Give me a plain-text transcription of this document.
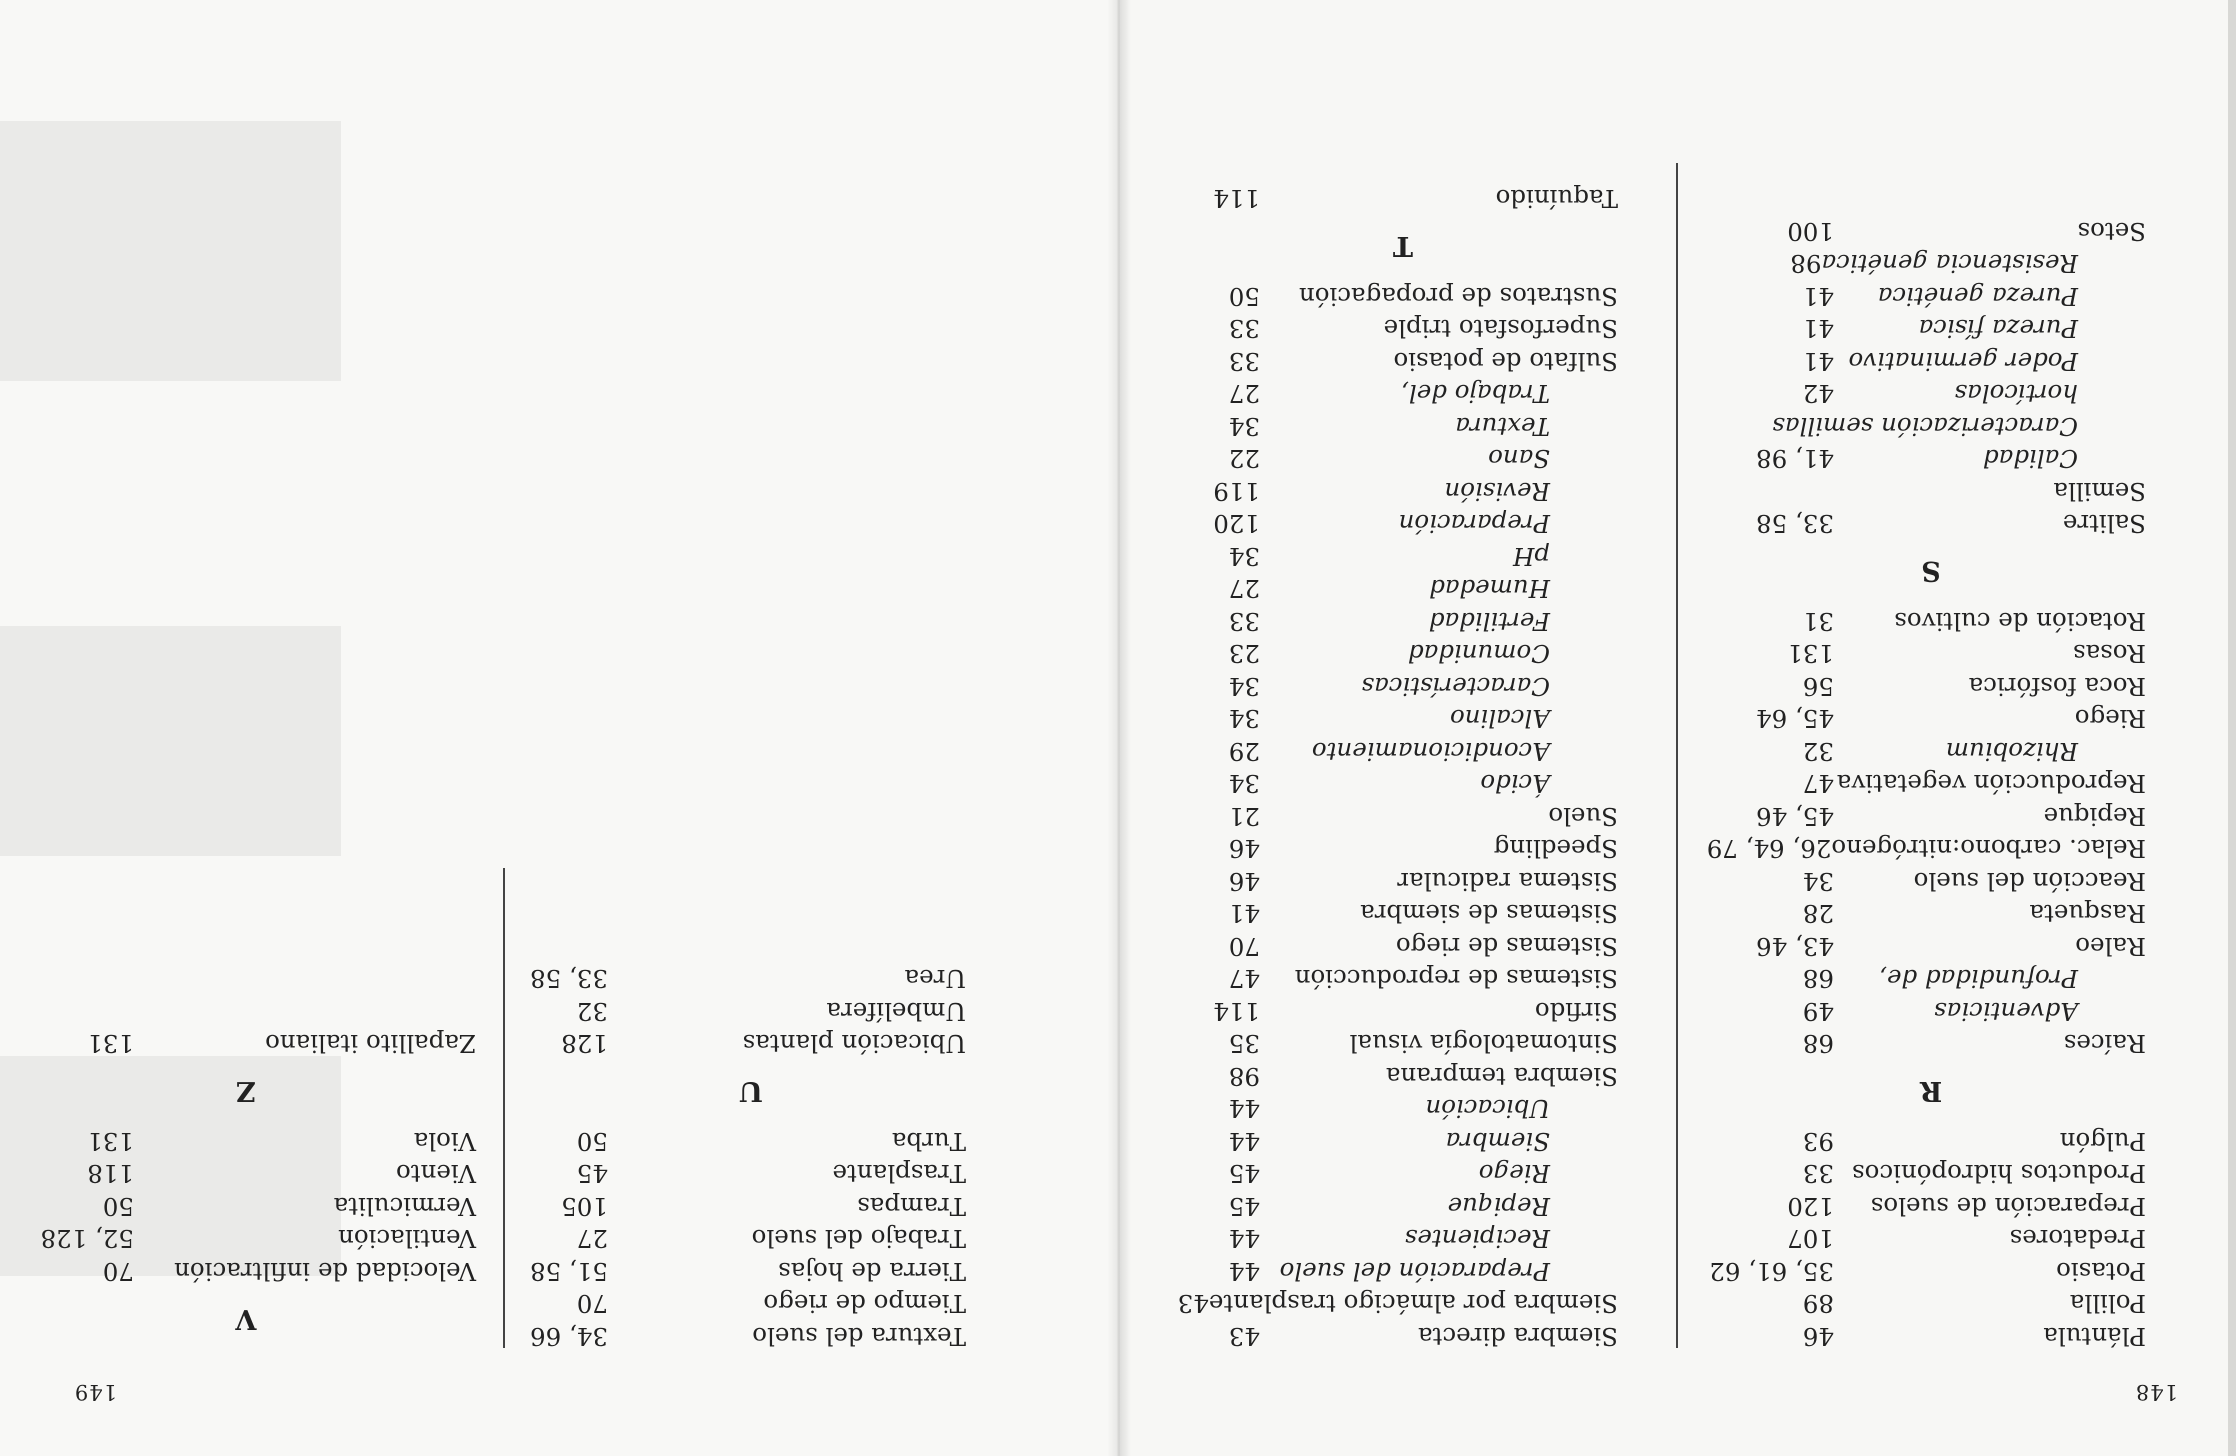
148
Plántula
46
Polilla
89
Potasio
35, 61, 62
Predatores
107
Preparación de suelos
120
Productos hidropónicos
33
Pulgón
93
R
Raíces
68
Adventicias
49
Profundidad de,
68
Raleo
43, 46
Rasqueta
28
Reacción del suelo
34
Relac. carbono:nitrógeno
26, 64, 79
Repique
45, 46
Reproducción vegetativa
47
Rhizobium
32
Riego
45, 64
Roca fosfórica
56
Rosas
131
Rotación de cultivos
31
S
Salitre
33, 58
Semilla
Calidad
41, 98
Caracterización semillas
hortícolas
42
Poder germinativo
41
Pureza física
41
Pureza genética
41
Resistencia genética
98
Setos
100
Siembra directa
43
Siembra por almácigo trasplante
43
Preparación del suelo
44
Recipientes
44
Repique
45
Riego
45
Siembra
44
Ubicación
44
Siembra temprana
98
Sintomatología visual
35
Sirfido
114
Sistemas de reproducción
47
Sistemas de riego
70
Sistemas de siembra
41
Sistema radicular
46
Speedling
46
Suelo
21
Ácido
34
Acondicionamiento
29
Alcalino
34
Características
34
Comunidad
23
Fertilidad
33
Humedad
27
pH
34
Preparación
120
Revisión
119
Sano
22
Textura
34
Trabajo del,
27
Sulfato de potasio
33
Superfosfato triple
33
Sustratos de propagación
50
T
Taquínido
114
149
Textura del suelo
34, 66
Tiempo de riego
70
Tierra de hojas
51, 58
Trabajo del suelo
27
Trampas
105
Trasplante
45
Turba
50
U
Ubicación plantas
128
Umbelífera
32
Urea
33, 58
V
Velocidad de infiltración
70
Ventilación
52, 128
Vermiculita
50
Viento
118
Viola
131
Z
Zapallito italiano
131
